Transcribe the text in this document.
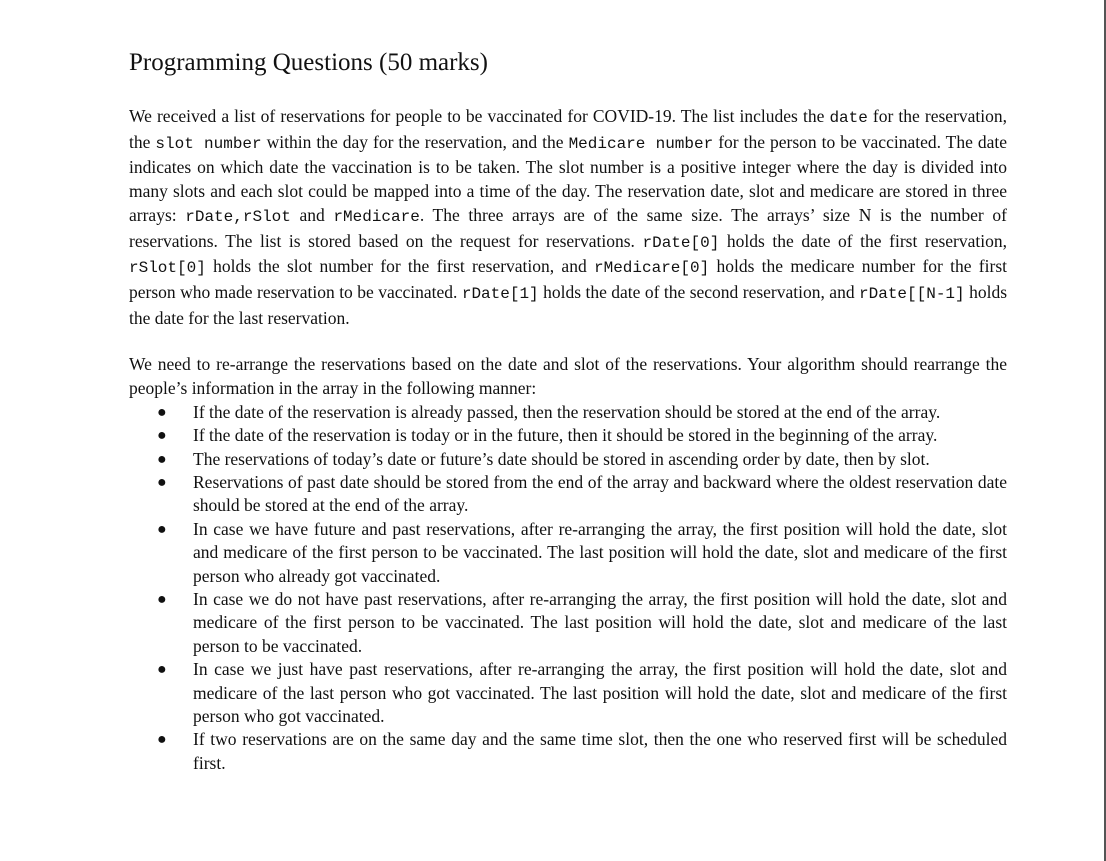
Programming Questions (50 marks)

We received a list of reservations for people to be vaccinated for COVID-19. The list includes the date for the reservation, the slot number within the day for the reservation, and the Medicare number for the person to be vaccinated. The date indicates on which date the vaccination is to be taken. The slot number is a positive integer where the day is divided into many slots and each slot could be mapped into a time of the day. The reservation date, slot and medicare are stored in three arrays: rDate,rSlot and rMedicare. The three arrays are of the same size. The arrays’ size N is the number of reservations. The list is stored based on the request for reservations. rDate[0] holds the date of the first reservation, rSlot[0] holds the slot number for the first reservation, and rMedicare[0] holds the medicare number for the first person who made reservation to be vaccinated. rDate[1] holds the date of the second reservation, and rDate[[N-1] holds the date for the last reservation.

We need to re-arrange the reservations based on the date and slot of the reservations. Your algorithm should rearrange the people’s information in the array in the following manner:

● If the date of the reservation is already passed, then the reservation should be stored at the end of the array.
● If the date of the reservation is today or in the future, then it should be stored in the beginning of the array.
● The reservations of today’s date or future’s date should be stored in ascending order by date, then by slot.
● Reservations of past date should be stored from the end of the array and backward where the oldest reservation date should be stored at the end of the array.
● In case we have future and past reservations, after re-arranging the array, the first position will hold the date, slot and medicare of the first person to be vaccinated. The last position will hold the date, slot and medicare of the first person who already got vaccinated.
● In case we do not have past reservations, after re-arranging the array, the first position will hold the date, slot and medicare of the first person to be vaccinated. The last position will hold the date, slot and medicare of the last person to be vaccinated.
● In case we just have past reservations, after re-arranging the array, the first position will hold the date, slot and medicare of the last person who got vaccinated. The last position will hold the date, slot and medicare of the first person who got vaccinated.
● If two reservations are on the same day and the same time slot, then the one who reserved first will be scheduled first.
